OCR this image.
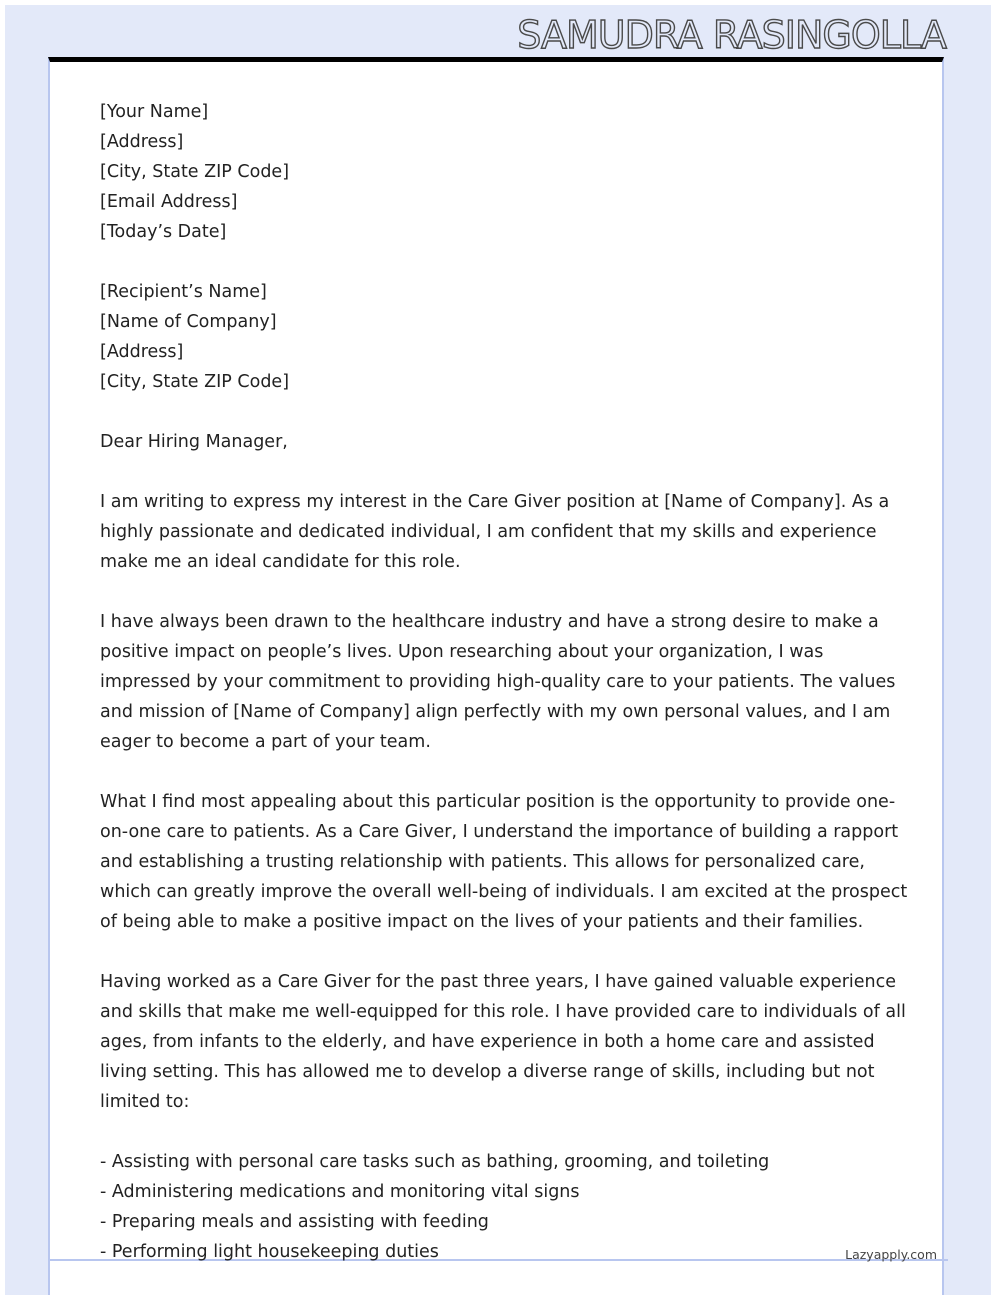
SAMUDRA RASINGOLLA

[Your Name]
[Address]
[City, State ZIP Code]
[Email Address]
[Today’s Date]

[Recipient’s Name]
[Name of Company]
[Address]
[City, State ZIP Code]

Dear Hiring Manager,

I am writing to express my interest in the Care Giver position at [Name of Company]. As a highly passionate and dedicated individual, I am confident that my skills and experience make me an ideal candidate for this role.

I have always been drawn to the healthcare industry and have a strong desire to make a positive impact on people’s lives. Upon researching about your organization, I was impressed by your commitment to providing high-quality care to your patients. The values and mission of [Name of Company] align perfectly with my own personal values, and I am eager to become a part of your team.

What I find most appealing about this particular position is the opportunity to provide one-on-one care to patients. As a Care Giver, I understand the importance of building a rapport and establishing a trusting relationship with patients. This allows for personalized care, which can greatly improve the overall well-being of individuals. I am excited at the prospect of being able to make a positive impact on the lives of your patients and their families.

Having worked as a Care Giver for the past three years, I have gained valuable experience and skills that make me well-equipped for this role. I have provided care to individuals of all ages, from infants to the elderly, and have experience in both a home care and assisted living setting. This has allowed me to develop a diverse range of skills, including but not limited to:

- Assisting with personal care tasks such as bathing, grooming, and toileting
- Administering medications and monitoring vital signs
- Preparing meals and assisting with feeding
- Performing light housekeeping duties	Lazyapply.com
